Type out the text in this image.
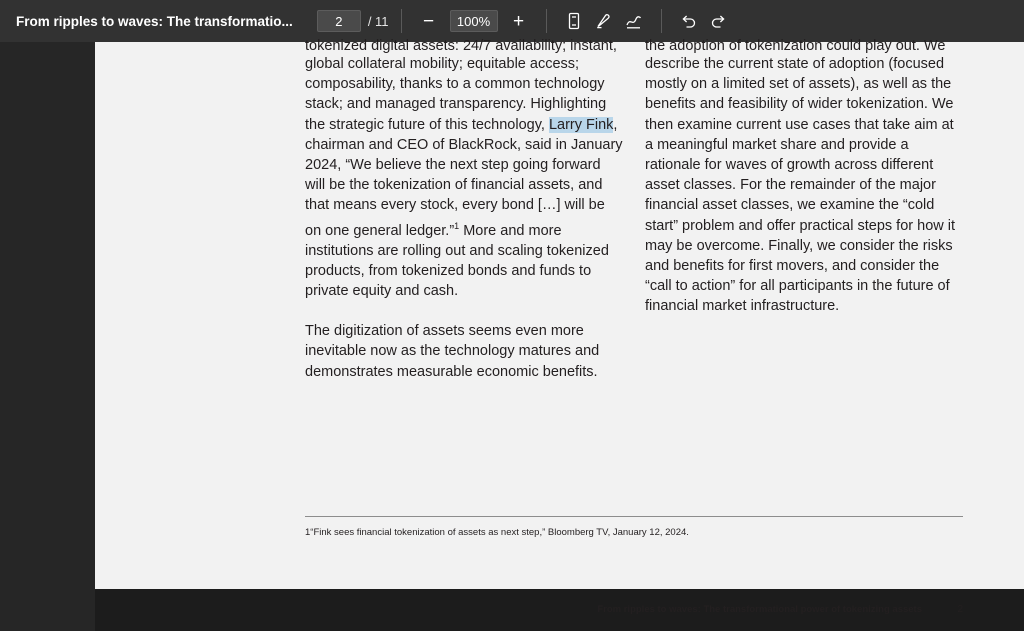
From ripples to waves: The transformatio...	2	/ 11	−	100%	+
tokenized digital assets: 24/7 availability; instant,	the adoption of tokenization could play out. We

global collateral mobility; equitable access; composability, thanks to a common technology stack; and managed transparency. Highlighting the strategic future of this technology, Larry Fink, chairman and CEO of BlackRock, said in January 2024, “We believe the next step going forward will be the tokenization of financial assets, and that means every stock, every bond […] will be on one general ledger.”$^1$ More and more institutions are rolling out and scaling tokenized products, from tokenized bonds and funds to private equity and cash.

The digitization of assets seems even more inevitable now as the technology matures and demonstrates measurable economic benefits.

describe the current state of adoption (focused mostly on a limited set of assets), as well as the benefits and feasibility of wider tokenization. We then examine current use cases that take aim at a meaningful market share and provide a rationale for waves of growth across different asset classes. For the remainder of the major financial asset classes, we examine the “cold start” problem and offer practical steps for how it may be overcome. Finally, we consider the risks and benefits for first movers, and consider the “call to action” for all participants in the future of financial market infrastructure.

1“Fink sees financial tokenization of assets as next step,” Bloomberg TV, January 12, 2024.
From ripples to waves: The transformational power of tokenizing assets	2
